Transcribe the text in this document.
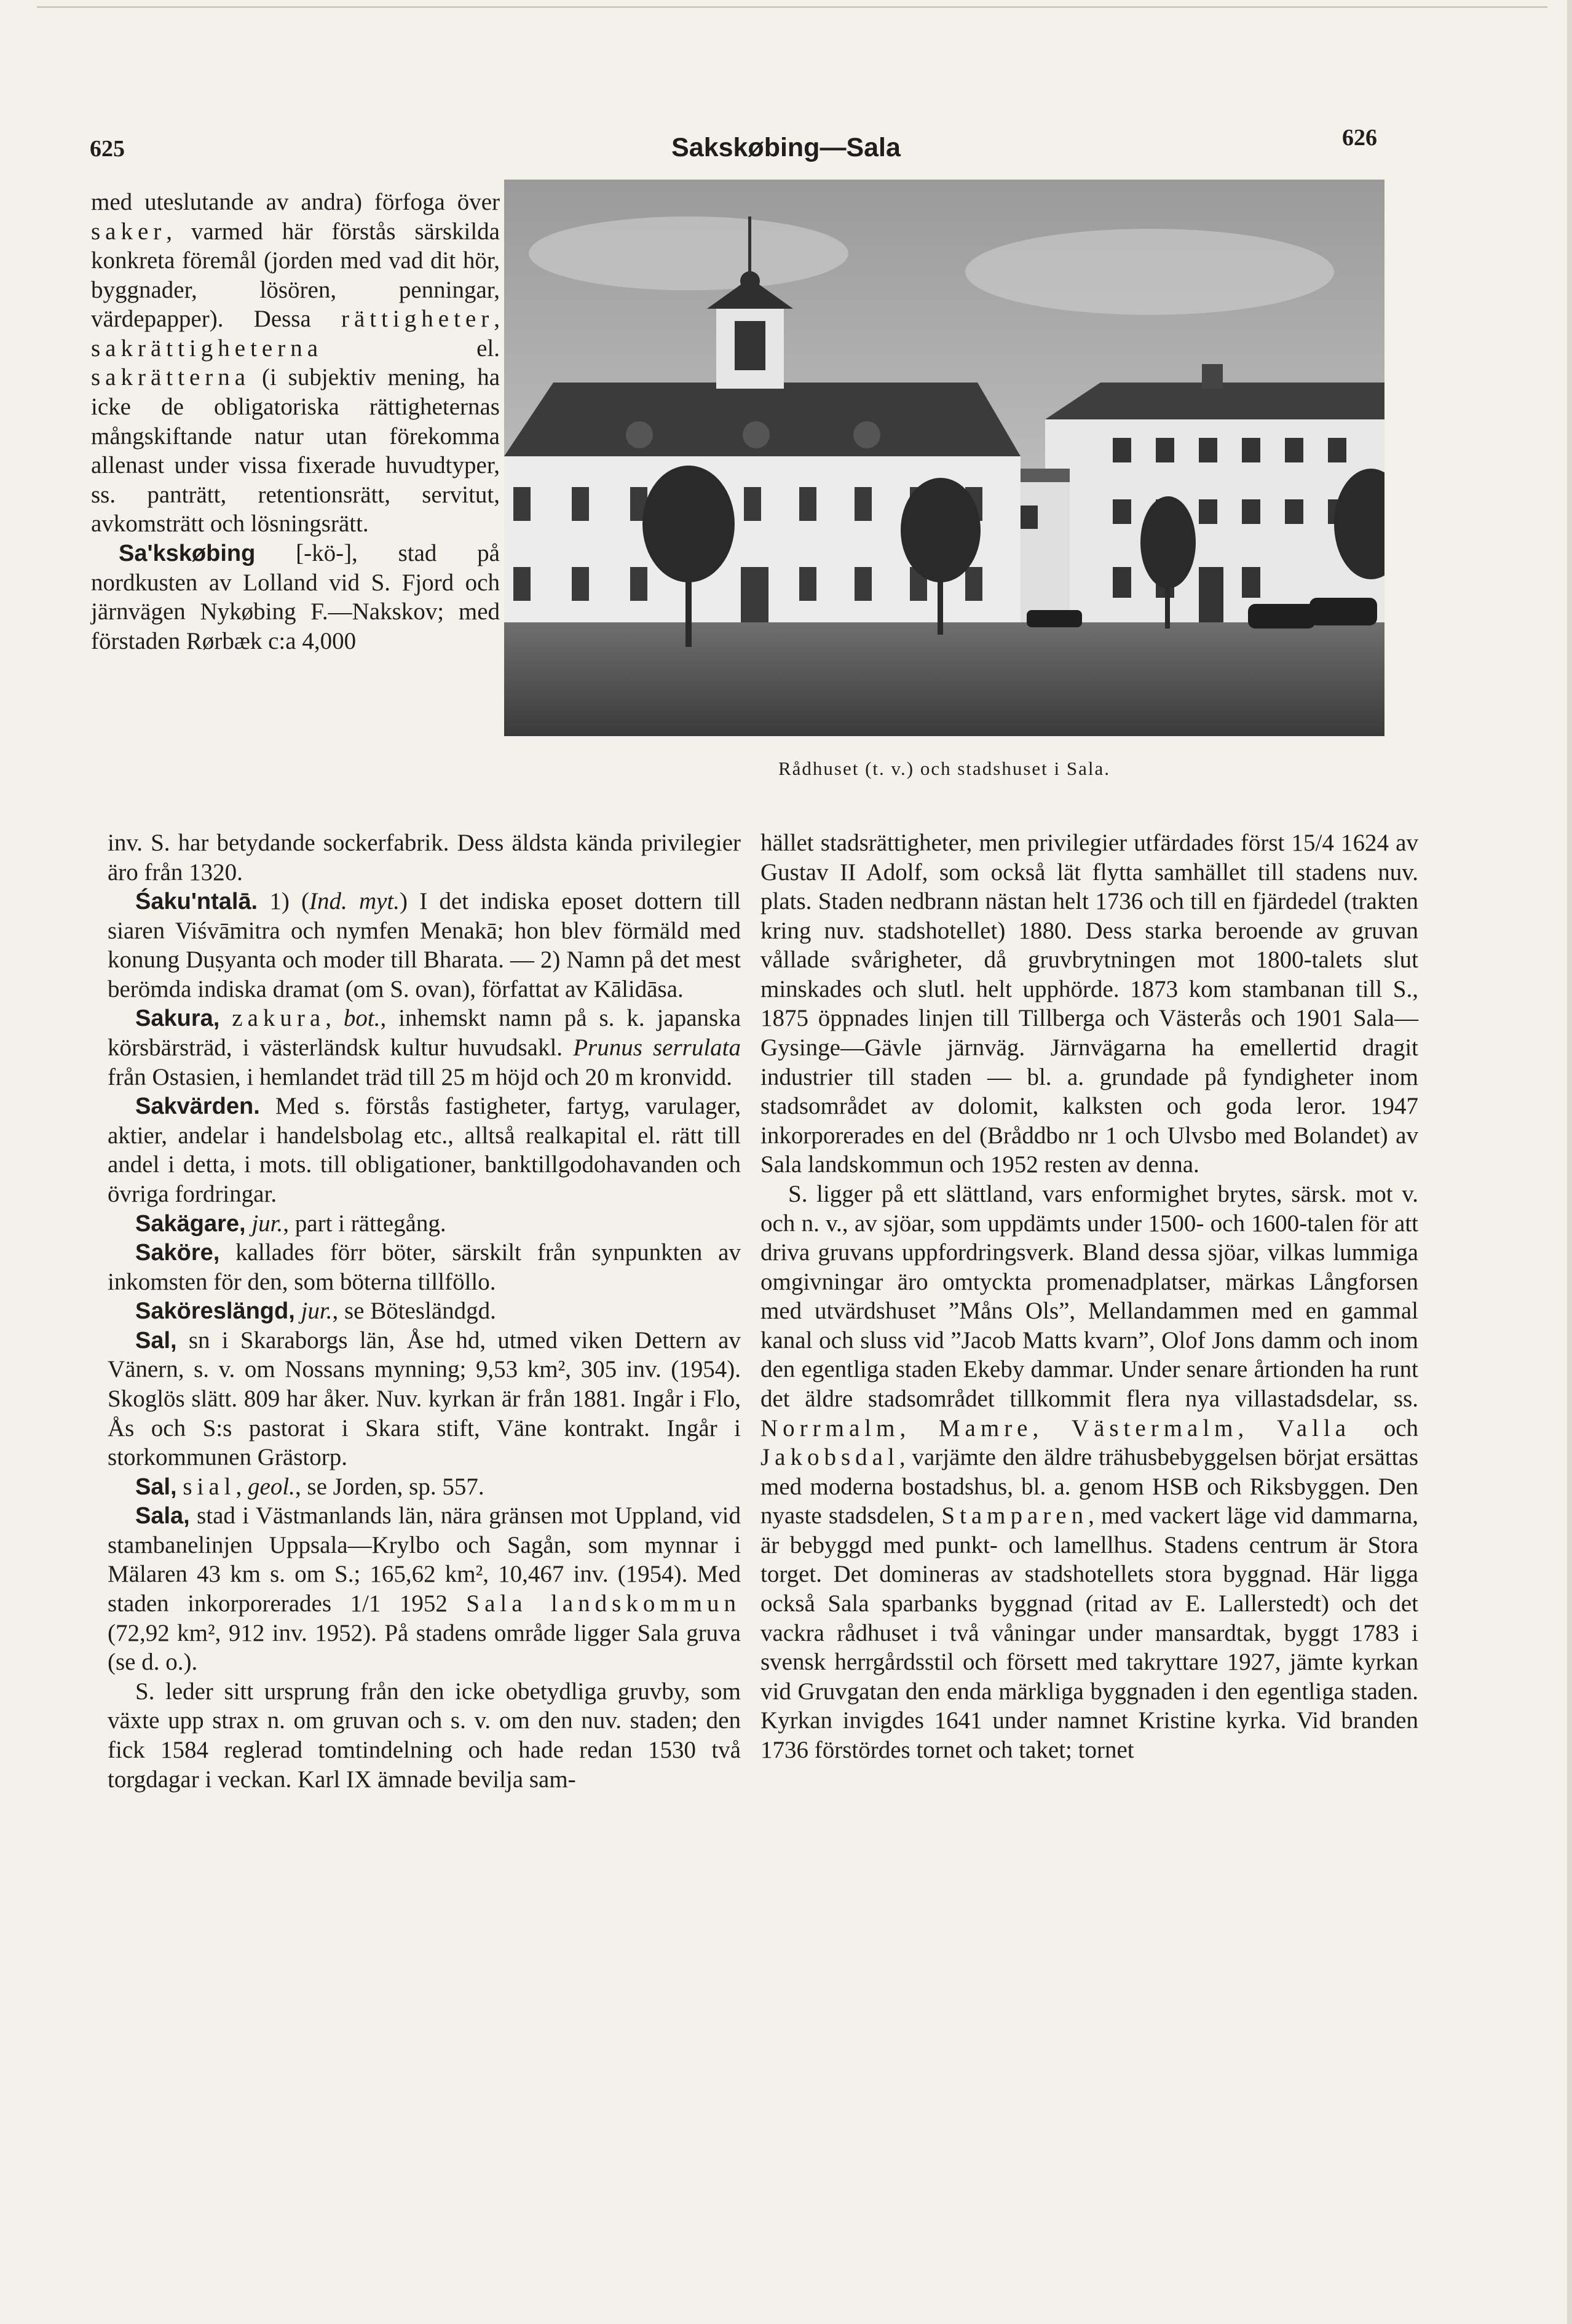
625	Sakskøbing—Sala	626

med uteslutande av andra) förfoga över saker, varmed här förstås särskilda konkreta föremål (jorden med vad dit hör, byggnader, lösören, penningar, värdepapper). Dessa rättigheter, sakrättigheterna el. sakrätterna (i subjektiv mening, ha icke de obligatoriska rättigheternas mångskiftande natur utan förekomma allenast under vissa fixerade huvudtyper, ss. panträtt, retentionsrätt, servitut, avkomsträtt och lösningsrätt.

Sa'kskøbing [-kö-], stad på nordkusten av Lolland vid S. Fjord och järnvägen Nykøbing F.—Nakskov; med förstaden Rørbæk c:a 4,000

Rådhuset (t. v.) och stadshuset i Sala.

inv. S. har betydande sockerfabrik. Dess äldsta kända privilegier äro från 1320.

Śaku'ntalā. 1) (Ind. myt.) I det indiska eposet dottern till siaren Viśvāmitra och nymfen Menakā; hon blev förmäld med konung Duṣyanta och moder till Bharata. — 2) Namn på det mest berömda indiska dramat (om S. ovan), författat av Kālidāsa.

Sakura, zakura, bot., inhemskt namn på s. k. japanska körsbärsträd, i västerländsk kultur huvudsakl. Prunus serrulata från Ostasien, i hemlandet träd till 25 m höjd och 20 m kronvidd.

Sakvärden. Med s. förstås fastigheter, fartyg, varulager, aktier, andelar i handelsbolag etc., alltså realkapital el. rätt till andel i detta, i mots. till obligationer, banktillgodohavanden och övriga fordringar.

Sakägare, jur., part i rättegång.

Saköre, kallades förr böter, särskilt från synpunkten av inkomsten för den, som böterna tillföllo.

Saköreslängd, jur., se Bötesländgd.

Sal, sn i Skaraborgs län, Åse hd, utmed viken Dettern av Vänern, s. v. om Nossans mynning; 9,53 km², 305 inv. (1954). Skoglös slätt. 809 har åker. Nuv. kyrkan är från 1881. Ingår i Flo, Ås och S:s pastorat i Skara stift, Väne kontrakt. Ingår i storkommunen Grästorp.

Sal, sial, geol., se Jorden, sp. 557.

Sala, stad i Västmanlands län, nära gränsen mot Uppland, vid stambanelinjen Uppsala—Krylbo och Sagån, som mynnar i Mälaren 43 km s. om S.; 165,62 km², 10,467 inv. (1954). Med staden inkorporerades 1/1 1952 Sala landskommun (72,92 km², 912 inv. 1952). På stadens område ligger Sala gruva (se d. o.).

S. leder sitt ursprung från den icke obetydliga gruvby, som växte upp strax n. om gruvan och s. v. om den nuv. staden; den fick 1584 reglerad tomtindelning och hade redan 1530 två torgdagar i veckan. Karl IX ämnade bevilja sam-

hället stadsrättigheter, men privilegier utfärdades först 15/4 1624 av Gustav II Adolf, som också lät flytta samhället till stadens nuv. plats. Staden nedbrann nästan helt 1736 och till en fjärdedel (trakten kring nuv. stadshotellet) 1880. Dess starka beroende av gruvan vållade svårigheter, då gruvbrytningen mot 1800-talets slut minskades och slutl. helt upphörde. 1873 kom stambanan till S., 1875 öppnades linjen till Tillberga och Västerås och 1901 Sala—Gysinge—Gävle järnväg. Järnvägarna ha emellertid dragit industrier till staden — bl. a. grundade på fyndigheter inom stadsområdet av dolomit, kalksten och goda leror. 1947 inkorporerades en del (Bråddbo nr 1 och Ulvsbo med Bolandet) av Sala landskommun och 1952 resten av denna.

S. ligger på ett slättland, vars enformighet brytes, särsk. mot v. och n. v., av sjöar, som uppdämts under 1500- och 1600-talen för att driva gruvans uppfordringsverk. Bland dessa sjöar, vilkas lummiga omgivningar äro omtyckta promenadplatser, märkas Långforsen med utvärdshuset ”Måns Ols”, Mellandammen med en gammal kanal och sluss vid ”Jacob Matts kvarn”, Olof Jons damm och inom den egentliga staden Ekeby dammar. Under senare årtionden ha runt det äldre stadsområdet tillkommit flera nya villastadsdelar, ss. Norrmalm, Mamre, Västermalm, Valla och Jakobsdal, varjämte den äldre trähusbebyggelsen börjat ersättas med moderna bostadshus, bl. a. genom HSB och Riksbyggen. Den nyaste stadsdelen, Stamparen, med vackert läge vid dammarna, är bebyggd med punkt- och lamellhus. Stadens centrum är Stora torget. Det domineras av stadshotellets stora byggnad. Här ligga också Sala sparbanks byggnad (ritad av E. Lallerstedt) och det vackra rådhuset i två våningar under mansardtak, byggt 1783 i svensk herrgårdsstil och försett med takryttare 1927, jämte kyrkan vid Gruvgatan den enda märkliga byggnaden i den egentliga staden. Kyrkan invigdes 1641 under namnet Kristine kyrka. Vid branden 1736 förstördes tornet och taket; tornet
